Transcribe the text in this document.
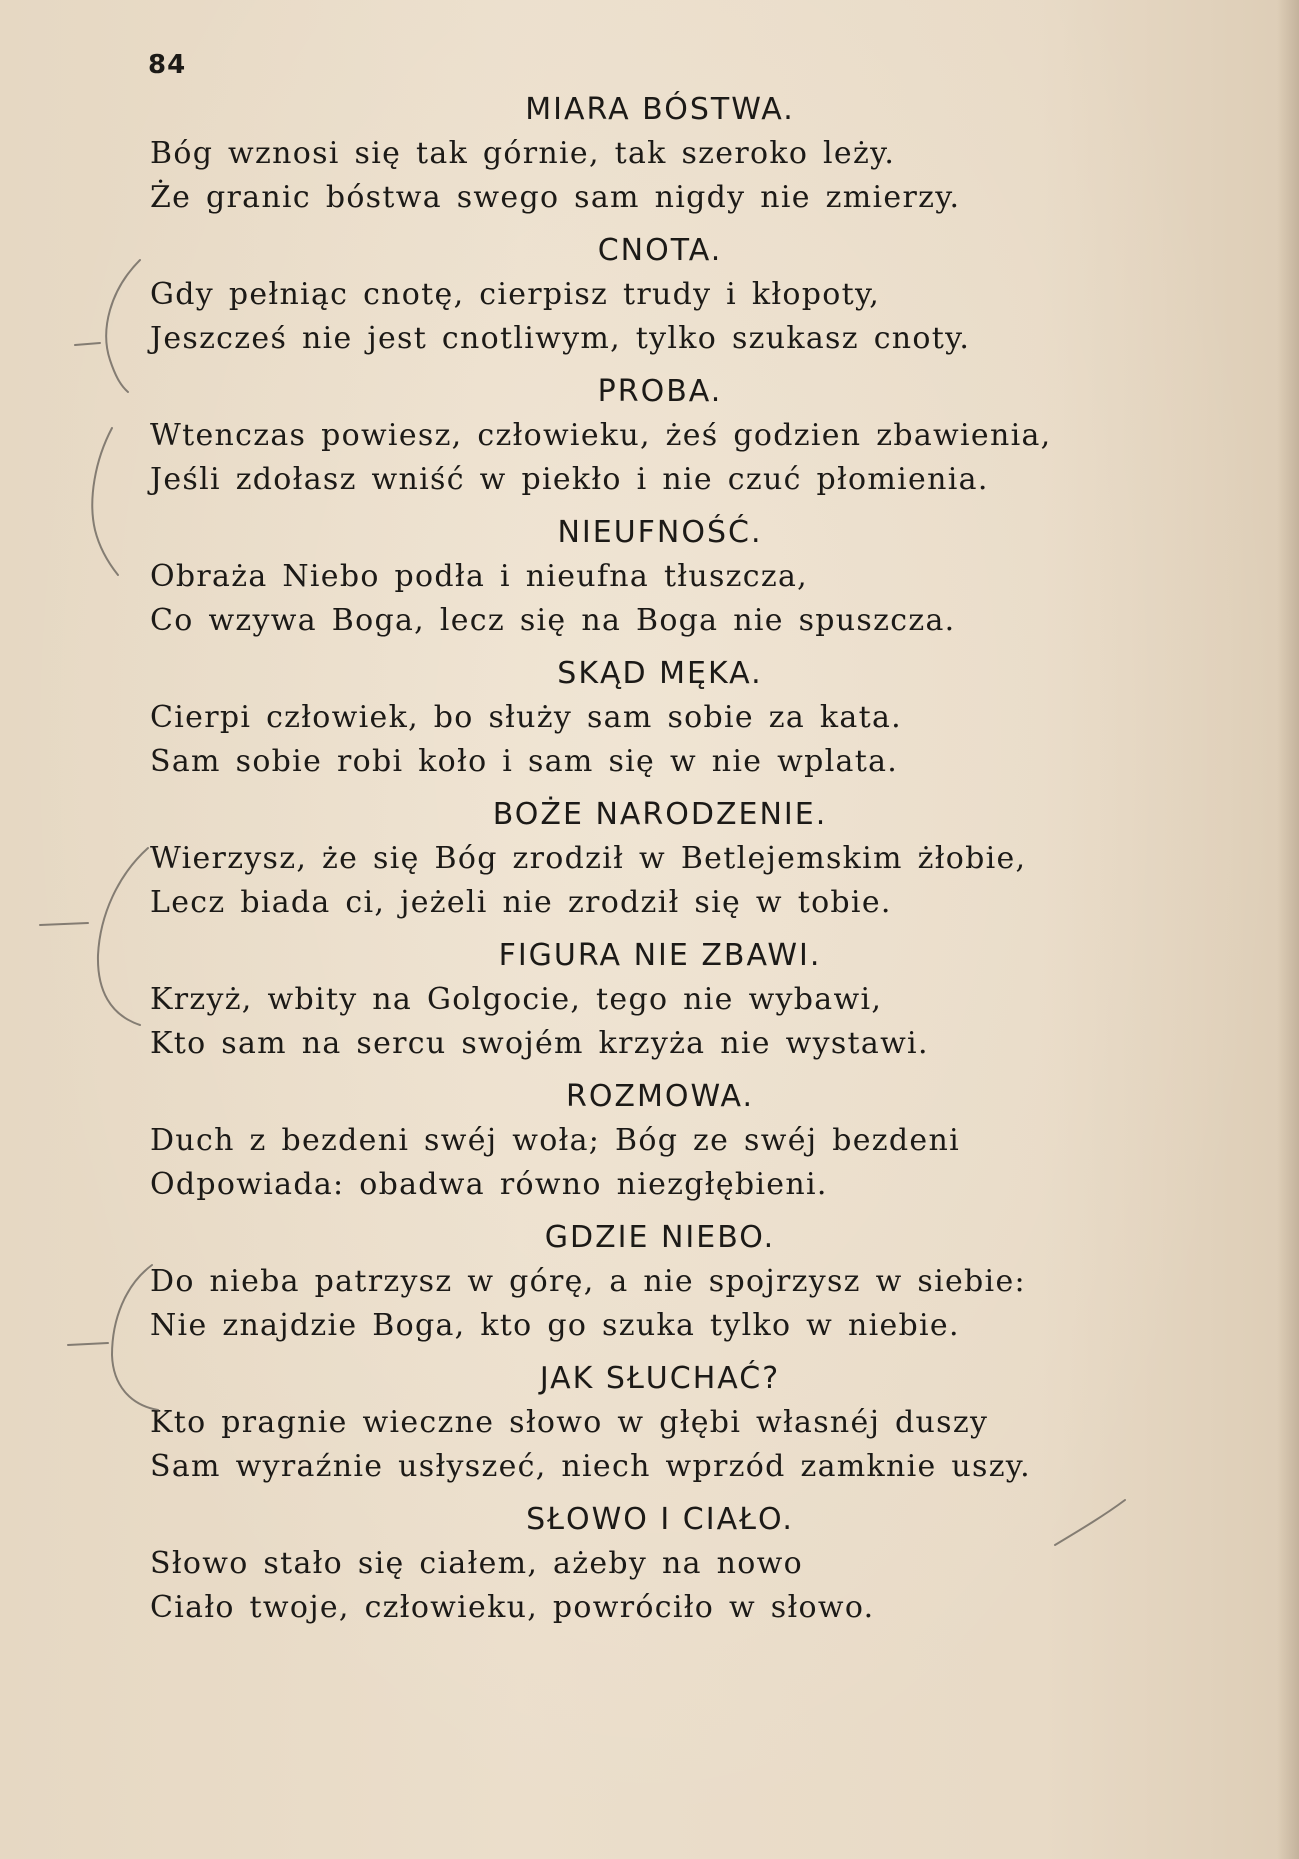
84
MIARA BÓSTWA.
Bóg wznosi się tak górnie, tak szeroko leży.
Że granic bóstwa swego sam nigdy nie zmierzy.
CNOTA.
Gdy pełniąc cnotę, cierpisz trudy i kłopoty,
Jeszcześ nie jest cnotliwym, tylko szukasz cnoty.
PROBA.
Wtenczas powiesz, człowieku, żeś godzien zbawienia,
Jeśli zdołasz wniść w piekło i nie czuć płomienia.
NIEUFNOŚĆ.
Obraża Niebo podła i nieufna tłuszcza,
Co wzywa Boga, lecz się na Boga nie spuszcza.
SKĄD MĘKA.
Cierpi człowiek, bo służy sam sobie za kata.
Sam sobie robi koło i sam się w nie wplata.
BOŻE NARODZENIE.
Wierzysz, że się Bóg zrodził w Betlejemskim żłobie,
Lecz biada ci, jeżeli nie zrodził się w tobie.
FIGURA NIE ZBAWI.
Krzyż, wbity na Golgocie, tego nie wybawi,
Kto sam na sercu swojém krzyża nie wystawi.
ROZMOWA.
Duch z bezdeni swéj woła; Bóg ze swéj bezdeni
Odpowiada: obadwa równo niezgłębieni.
GDZIE NIEBO.
Do nieba patrzysz w górę, a nie spojrzysz w siebie:
Nie znajdzie Boga, kto go szuka tylko w niebie.
JAK SŁUCHAĆ?
Kto pragnie wieczne słowo w głębi własnéj duszy
Sam wyraźnie usłyszeć, niech wprzód zamknie uszy.
SŁOWO I CIAŁO.
Słowo stało się ciałem, ażeby na nowo
Ciało twoje, człowieku, powróciło w słowo.
